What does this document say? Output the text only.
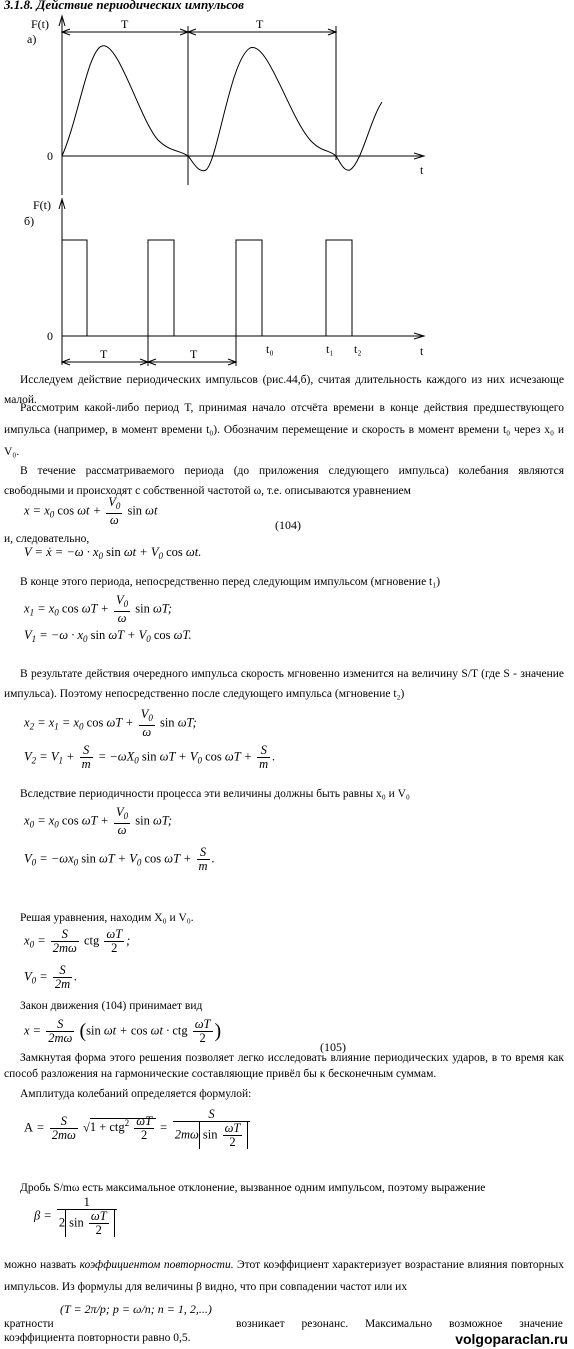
3.1.8. Действие периодических импульсов
F(t)
а)
0
t
T	T
F(t)
б)
0
t
T	T	t₀	t₁ t₂
Исследуем действие периодических импульсов (рис.44,б), считая длительность каждого из них исчезающе малой.
Рассмотрим какой-либо период T, принимая начало отсчёта времени в конце действия предшествующего импульса (например, в момент времени t₀). Обозначим перемещение и скорость в момент времени t₀ через x₀ и V₀.
В течение рассматриваемого периода (до приложения следующего импульса) колебания являются свободными и происходят с собственной частотой ω, т.е. описываются уравнением
$x = x_0$ $\cos \omega t + \frac{V_0}{\omega}$ sin ωt
(104)
и, следовательно,
V = ẋ = $-\omega \cdot x_0$ $\sin \omega t + V_0$ cos ωt.
В конце этого периода, непосредственно перед следующим импульсом (мгновение t₁)
$x_1 = x_0$ $\cos \omega T + \frac{V_0}{\omega}$ sin ωT;
$V_1 = -\omega \cdot x_0$ $\sin \omega T + V_0$ cos ωT.
В результате действия очередного импульса скорость мгновенно изменится на величину S/T (где S - значение импульса). Поэтому непосредственно после следующего импульса (мгновение t₂)
$x_2 = x_1 = x_0$ $\cos \omega T + \frac{V_0}{\omega}$ sin ωT;
$V_2 = V_1 + \frac{S}{m} = -\omega X_0$ $\sin \omega T + V_0$ $\cos \omega T + \frac{S}{m}$ .
Вследствие периодичности процесса эти величины должны быть равны x₀ и V₀
$x_0 = x_0$ $\cos \omega T + \frac{V_0}{\omega}$ sin ωT;
$V_0 = -\omega x_0$ $\sin \omega T + V_0$ $\cos \omega T + \frac{S}{m}$ .
Решая уравнения, находим X₀ и V₀.
$x_0 = \frac{S}{2m\omega}$ ctg $\frac{\omega T}{2}$ ;
$V_0 = \frac{S}{2m}$ .
Закон движения (104) принимает вид
$x = \frac{S}{2m\omega} (\sin$ ωt + cos ωt · ctg $\frac{\omega T}{2}$ )
(105)
Замкнутая форма этого решения позволяет легко исследовать влияние периодических ударов, в то время как способ разложения на гармонические составляющие привёл бы к бесконечным суммам.
Амплитуда колебаний определяется формулой:
$A = \frac{S}{2m\omega} √1 + ctg^2 \frac{\omega T}{2} = \frac{S}{2m\omega \sin \frac{\omega T}{2}}$
Дробь S/mω есть максимальное отклонение, вызванное одним импульсом, поэтому выражение
$\beta = \frac{1}{2 \sin \frac{\omega T}{2}}$
можно назвать коэффициентом повторности. Этот коэффициент характеризует возрастание влияния повторных импульсов. Из формулы для величины β видно, что при совпадении частот или их
кратности
(T = 2π/p; p = ω/n; n = 1, 2,...)
возникает резонанс. Максимально возможное значение
коэффициента повторности равно 0,5.	volgoparaclan.ru
